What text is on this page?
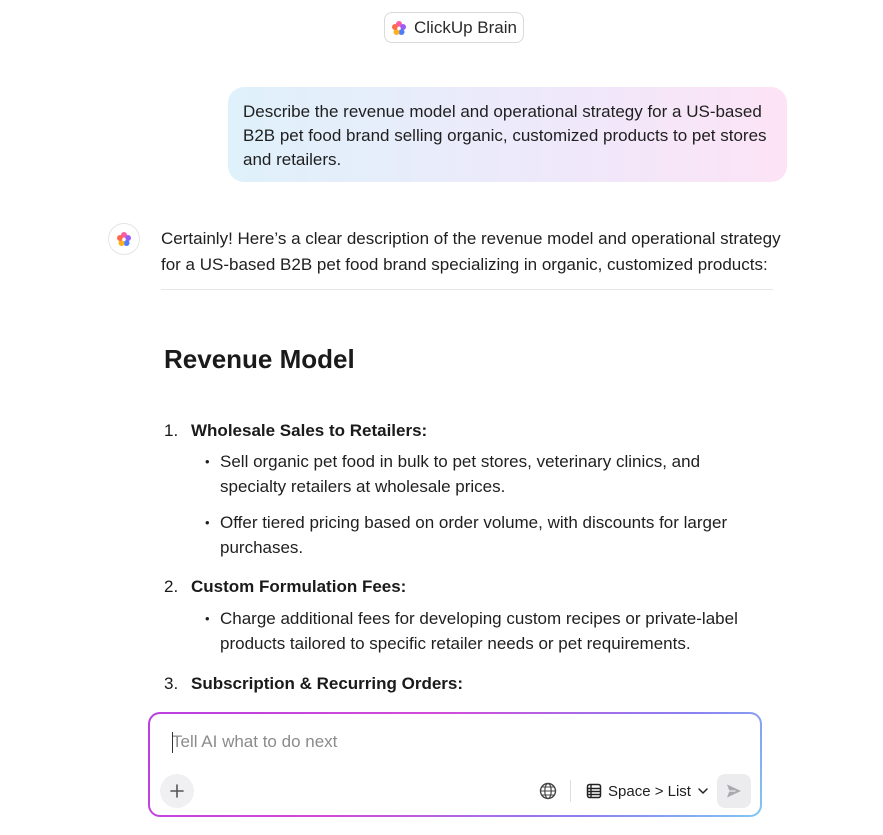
ClickUp Brain
Describe the revenue model and operational strategy for a US-based B2B pet food brand selling organic, customized products to pet stores and retailers.
Certainly! Here’s a clear description of the revenue model and operational strategy for a US-based B2B pet food brand specializing in organic, customized products:
Revenue Model
1. Wholesale Sales to Retailers:
• Sell organic pet food in bulk to pet stores, veterinary clinics, and specialty retailers at wholesale prices.
• Offer tiered pricing based on order volume, with discounts for larger purchases.
2. Custom Formulation Fees:
• Charge additional fees for developing custom recipes or private-label products tailored to specific retailer needs or pet requirements.
3. Subscription & Recurring Orders:
Tell AI what to do next
Space > List
